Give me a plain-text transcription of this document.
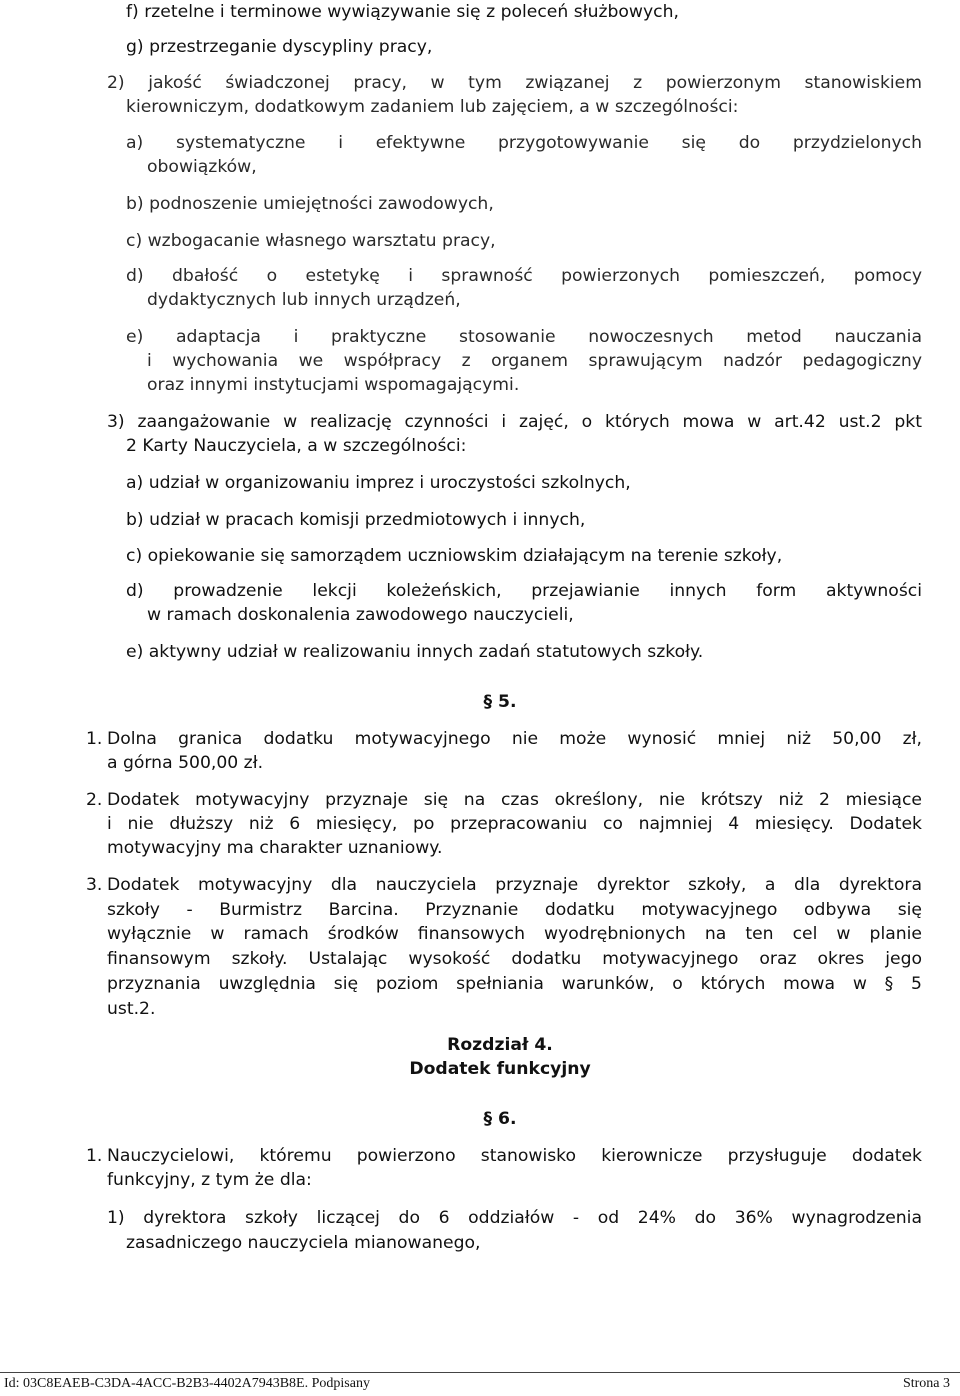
f) rzetelne i terminowe wywiązywanie się z poleceń służbowych,
g) przestrzeganie dyscypliny pracy,
2) jakość świadczonej pracy, w tym związanej z powierzonym stanowiskiem
kierowniczym, dodatkowym zadaniem lub zajęciem, a w szczególności:
a) systematyczne i efektywne przygotowywanie się do przydzielonych
obowiązków,
b) podnoszenie umiejętności zawodowych,
c) wzbogacanie własnego warsztatu pracy,
d) dbałość o estetykę i sprawność powierzonych pomieszczeń, pomocy
dydaktycznych lub innych urządzeń,
e) adaptacja i praktyczne stosowanie nowoczesnych metod nauczania
i wychowania we współpracy z organem sprawującym nadzór pedagogiczny
oraz innymi instytucjami wspomagającymi.
3) zaangażowanie w realizację czynności i zajęć, o których mowa w art.42 ust.2 pkt
2 Karty Nauczyciela, a w szczególności:
a) udział w organizowaniu imprez i uroczystości szkolnych,
b) udział w pracach komisji przedmiotowych i innych,
c) opiekowanie się samorządem uczniowskim działającym na terenie szkoły,
d) prowadzenie lekcji koleżeńskich, przejawianie innych form aktywności
w ramach doskonalenia zawodowego nauczycieli,
e) aktywny udział w realizowaniu innych zadań statutowych szkoły.
§ 5.
1. Dolna granica dodatku motywacyjnego nie może wynosić mniej niż 50,00 zł,
a górna 500,00 zł.
2. Dodatek motywacyjny przyznaje się na czas określony, nie krótszy niż 2 miesiące
i nie dłuższy niż 6 miesięcy, po przepracowaniu co najmniej 4 miesięcy. Dodatek
motywacyjny ma charakter uznaniowy.
3. Dodatek motywacyjny dla nauczyciela przyznaje dyrektor szkoły, a dla dyrektora
szkoły - Burmistrz Barcina. Przyznanie dodatku motywacyjnego odbywa się
wyłącznie w ramach środków finansowych wyodrębnionych na ten cel w planie
finansowym szkoły. Ustalając wysokość dodatku motywacyjnego oraz okres jego
przyznania uwzględnia się poziom spełniania warunków, o których mowa w § 5
ust.2.
Rozdział 4.
Dodatek funkcyjny
§ 6.
1. Nauczycielowi, któremu powierzono stanowisko kierownicze przysługuje dodatek
funkcyjny, z tym że dla:
1) dyrektora szkoły liczącej do 6 oddziałów - od 24% do 36% wynagrodzenia
zasadniczego nauczyciela mianowanego,
Id: 03C8EAEB-C3DA-4ACC-B2B3-4402A7943B8E. Podpisany	Strona 3
